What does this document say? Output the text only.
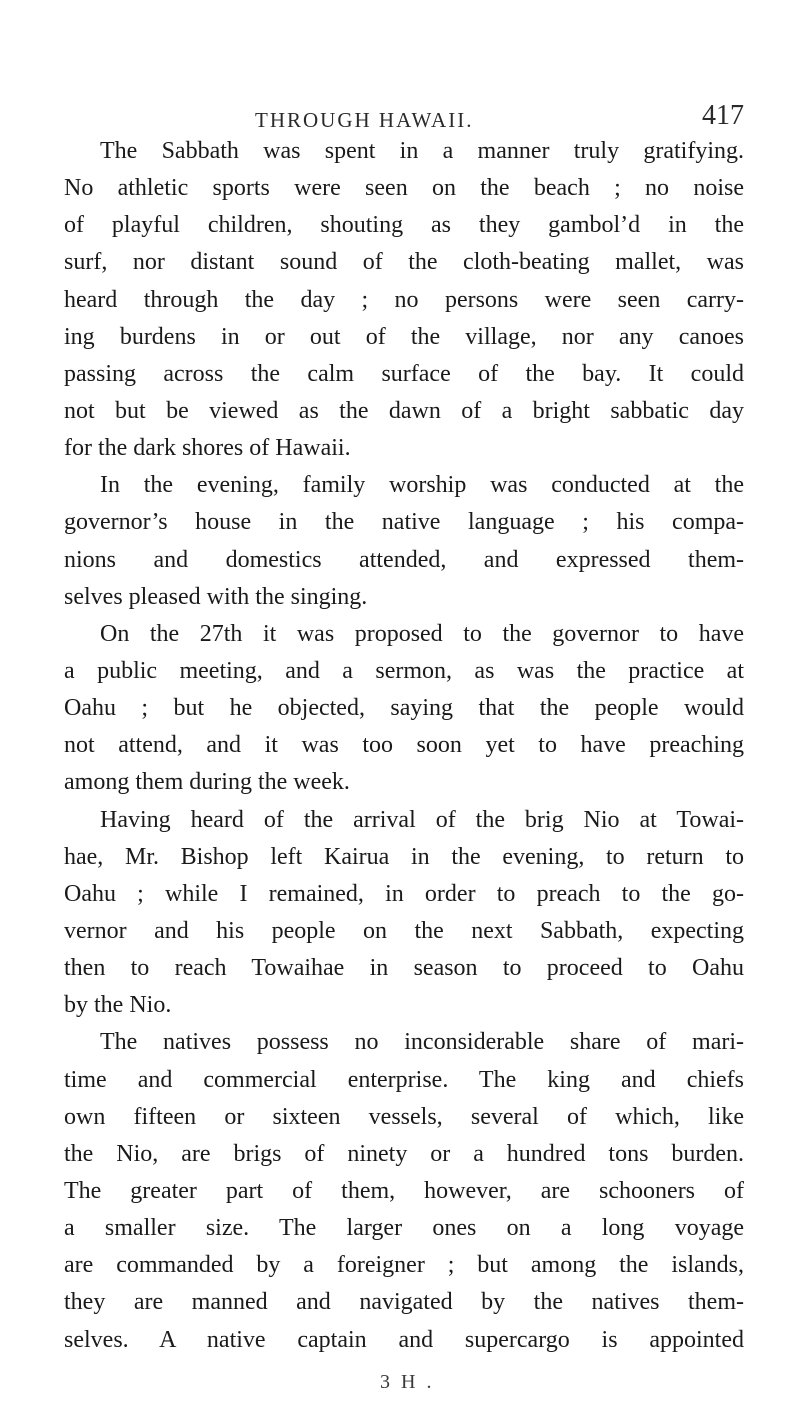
THROUGH HAWAII.	417
The Sabbath was spent in a manner truly gratifying.
No athletic sports were seen on the beach ; no noise
of playful children, shouting as they gambol’d in the
surf, nor distant sound of the cloth-beating mallet, was
heard through the day ; no persons were seen carry-
ing burdens in or out of the village, nor any canoes
passing across the calm surface of the bay. It could
not but be viewed as the dawn of a bright sabbatic day
for the dark shores of Hawaii.
In the evening, family worship was conducted at the
governor’s house in the native language ; his compa-
nions and domestics attended, and expressed them-
selves pleased with the singing.
On the 27th it was proposed to the governor to have
a public meeting, and a sermon, as was the practice at
Oahu ; but he objected, saying that the people would
not attend, and it was too soon yet to have preaching
among them during the week.
Having heard of the arrival of the brig Nio at Towai-
hae, Mr. Bishop left Kairua in the evening, to return to
Oahu ; while I remained, in order to preach to the go-
vernor and his people on the next Sabbath, expecting
then to reach Towaihae in season to proceed to Oahu
by the Nio.
The natives possess no inconsiderable share of mari-
time and commercial enterprise. The king and chiefs
own fifteen or sixteen vessels, several of which, like
the Nio, are brigs of ninety or a hundred tons burden.
The greater part of them, however, are schooners of
a smaller size. The larger ones on a long voyage
are commanded by a foreigner ; but among the islands,
they are manned and navigated by the natives them-
selves. A native captain and supercargo is appointed
3 H .
